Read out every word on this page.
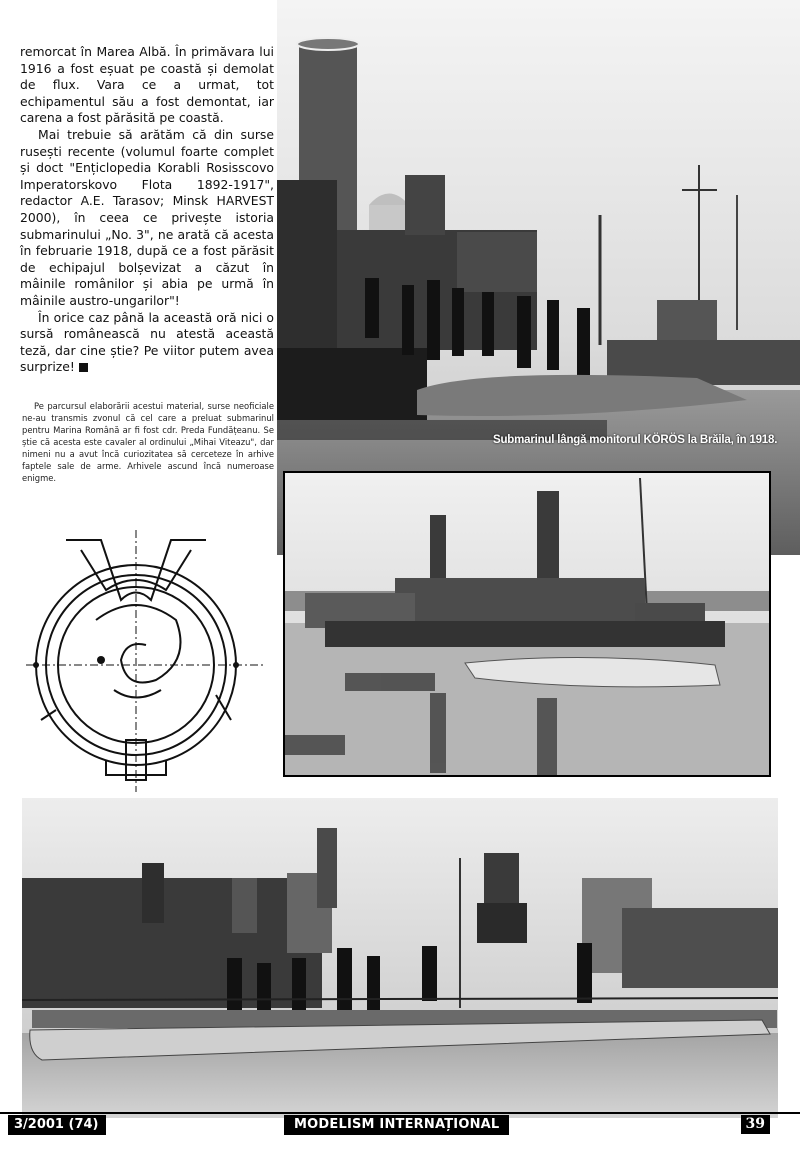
remorcat în Marea Albă. În primăvara lui 1916 a fost eșuat pe coastă și demolat de flux. Vara ce a urmat, tot echipamentul său a fost demontat, iar carena a fost părăsită pe coastă.

Mai trebuie să arătăm că din surse rusești recente (volumul foarte complet și doct "Ențiclopedia Korabli Rosisscovo Imperatorskovo Flota 1892-1917", redactor A.E. Tarasov; Minsk HARVEST 2000), în ceea ce privește istoria submarinului „No. 3", ne arată că acesta în februarie 1918, după ce a fost părăsit de echipajul bolșevizat a căzut în mâinile românilor și abia pe urmă în mâinile austro-ungarilor"!

În orice caz până la această oră nici o sursă românească nu atestă această teză, dar cine știe? Pe viitor putem avea surprize!

Pe parcursul elaborării acestui material, surse neoficiale ne-au transmis zvonul că cel care a preluat submarinul pentru Marina Română ar fi fost cdr. Preda Fundățeanu. Se știe că acesta este cavaler al ordinului „Mihai Viteazu", dar nimeni nu a avut încă curiozitatea să cerceteze în arhive faptele sale de arme. Arhivele ascund încă numeroase enigme.

Submarinul lângă monitorul KÖRÖS la Brăila, în 1918.
3/2001 (74)	MODELISM INTERNAȚIONAL	39
